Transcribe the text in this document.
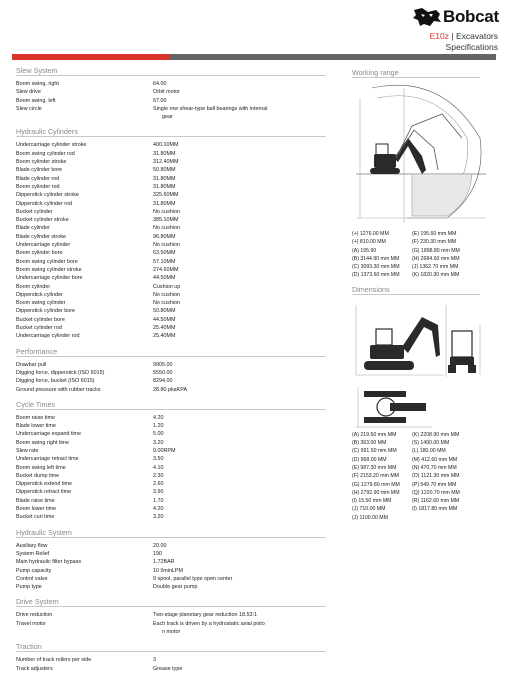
Bobcat
E10z | Excavators
Specifications
Slew System
Boom swing, right	64.00
Slew drive	Orbit motor
Boom swing, left	67.00
Slew circle	Single row shear-type ball bearings with internal
gear
Hydraulic Cylinders
Undercarriage cylinder stroke	400.10MM
Boom swing cylinder rod	31.80MM
Boom cylinder stroke	312.40MM
Blade cylinder bore	50.80MM
Blade cylinder rod	31.80MM
Boom cylinder rod	31.80MM
Dipperstick cylinder stroke	325.60MM
Dipperstick cylinder rod	31.80MM
Bucket cylinder	No cushion
Bucket cylinder stroke	385.10MM
Blade cylinder	No cushion
Blade cylinder stroke	96.80MM
Undercarriage cylinder	No cushion
Boom cylinder bore	63.50MM
Boom swing cylinder bore	57.10MM
Boom swing cylinder stroke	274.60MM
Undercarriage cylinder bore	44.50MM
Boom cylinder	Cushion up
Dipperstick cylinder	No cushion
Boom swing cylinder	No cushion
Dipperstick cylinder bore	50.80MM
Bucket cylinder bore	44.50MM
Bucket cylinder rod	25.40MM
Undercarriage cylinder rod	25.40MM
Performance
Drawbar pull	9905.00
Digging force, dipperstick (ISO 6015)	5550.00
Digging force, bucket (ISO 6015)	8294.00
Ground pressure with rubber tracks	28.80 pkaKPA
Cycle Times
Boom raise time	4.20
Blade lower time	1.20
Undercarriage expand time	5.00
Boom swing right time	3.20
Slew rate	9.00RPM
Undercarriage retract time	3.50
Boom swing left time	4.10
Bucket dump time	2.30
Dipperstick extend time	2.60
Dipperstick retract time	3.90
Blade raise time	1.70
Boom lower time	4.20
Bucket curl time	3.20
Hydraulic System
Auxiliary flow	20.00
System Relief	190
Main hydraulic filter bypass	1.72BAR
Pump capacity	10 l/minLPM
Control valve	9 spool, parallel type open center
Pump type	Double gear pump
Drive System
Drive reduction	Two-stage planetary gear reduction 18.53:1
Travel motor	Each track is driven by a hydrostatic axial pisto
n motor
Traction
Number of track rollers per side	3
Track adjusters	Grease type
Working range
(+) 1276.00 MM	(E) 195.60 mm MM
(+) 810.00 MM	(F) 230.30 mm MM
(A) 195.90	(G) 1898.80 mm MM
(B) 3144.90 mm MM	(H) 2684.60 mm MM
(C) 3093.30 mm MM	(J) 1362.70 mm MM
(D) 1373.60 mm MM	(K) 1820.30 mm MM
Dimensions
(A) 219.50 mm MM	(K) 2208.90 mm MM
(B) 363.00 MM	(S) 1490.00 MM
(C) 991.50 mm MM	(L) 180.00 MM
(D) 968.00 MM	(M) 412.60 mm MM
(E) 987.30 mm MM	(N) 470.70 mm MM
(F) 2153.20 mm MM	(O) 1121.30 mm MM
(G) 1279.80 mm MM	(P) 549.70 mm MM
(H) 2792.90 mm MM	(Q) 1220.70 mm MM
(I) 15.50 mm MM	(R) 1162.60 mm MM
(J) 710.00 MM	(I) 1817.80 mm MM
(J) 1100.00 MM
